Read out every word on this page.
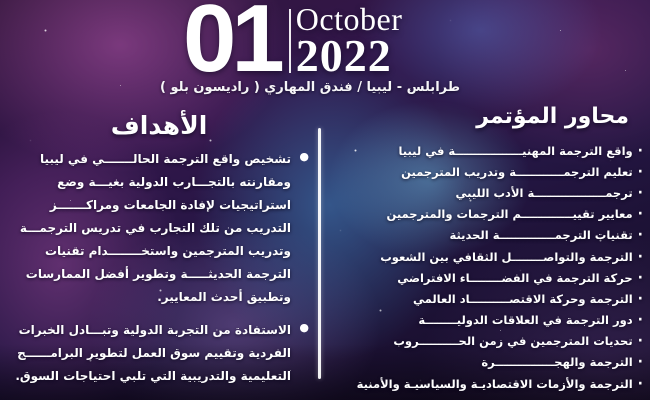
01 October
2022
طرابلس - ليبيا / فندق المهاري ( راديسون بلو )
الأهداف
●
تشخيص واقع الترجمة الحالـــــــي في ليبيا
ومقارنته بالتجـــارب الدولية بغيـــة وضع
استراتيجيات لإفادة الجامعات ومراكـــــــز
التدريب من تلك التجارب في تدريس الترجمـــة
وتدريب المترجمين واستخــــــــدام تقنيات
الترجمة الحديثـــــة وتطوير أفضل الممارسات
وتطبيق أحدث المعايير.
●
الاستفادة من التجربة الدولية وتبـــادل الخبرات
الفردية وتقييم سوق العمل لتطوير البرامــــــج
التعليمية والتدريبية التي تلبي احتياجات السوق.
محاور المؤتمر
·
واقع الترجمة المهنيـــــــــــــــــة في ليبيا
·
تعليم الترجمــــــــــــة وتدريب المترجمين
·
ترجمــــــــــــــــــة الأدب الليبي
·
معايير تقييـــــــــــــم الترجمات والمترجمين
·
تقنيات الترجمــــــــــــــة الحديثة
·
الترجمة والتواصــــــــل الثقافي بين الشعوب
·
حركة الترجمة في الفضــــــــاء الافتراضي
·
الترجمة وحركة الاقتصــــــــــاد العالمي
·
دور الترجمة في العلاقات الدوليــــــــة
·
تحديات المترجمين في زمن الحــــــــــروب
·
الترجمة والهجـــــــــــــــرة
·
الترجمة والأزمات الاقتصاديـة والسياسيـة والأمنية
